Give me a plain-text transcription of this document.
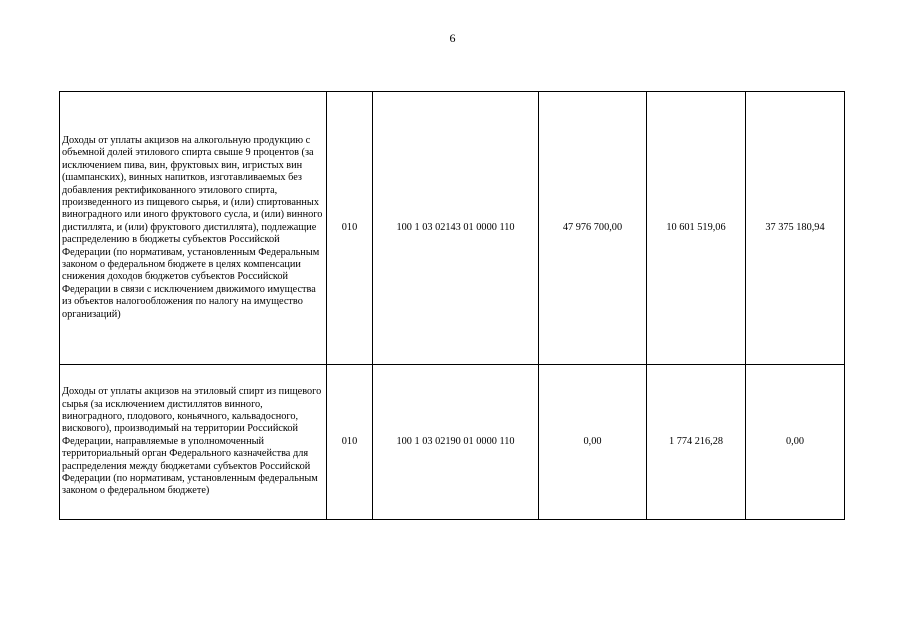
6
Доходы от уплаты акцизов на алкогольную продукцию с объемной долей этилового спирта свыше 9 процентов (за исключением пива, вин, фруктовых вин, игристых вин (шампанских), винных напитков, изготавливаемых без добавления ректификованного этилового спирта, произведенного из пищевого сырья, и (или) спиртованных виноградного или иного фруктового сусла, и (или) винного дистиллята, и (или) фруктового дистиллята), подлежащие распределению в бюджеты субъектов Российской Федерации (по нормативам, установленным Федеральным законом о федеральном бюджете в целях компенсации снижения доходов бюджетов субъектов Российской Федерации в связи с исключением движимого имущества из объектов налогообложения по налогу на имущество организаций)	010	100 1 03 02143 01 0000 110	47 976 700,00	10 601 519,06	37 375 180,94
Доходы от уплаты акцизов на этиловый спирт из пищевого сырья (за исключением дистиллятов винного, виноградного, плодового, коньячного, кальвадосного, вискового), производимый на территории Российской Федерации, направляемые в уполномоченный территориальный орган Федерального казначейства для распределения между бюджетами субъектов Российской Федерации (по нормативам, установленным федеральным законом о федеральном бюджете)	010	100 1 03 02190 01 0000 110	0,00	1 774 216,28	0,00
